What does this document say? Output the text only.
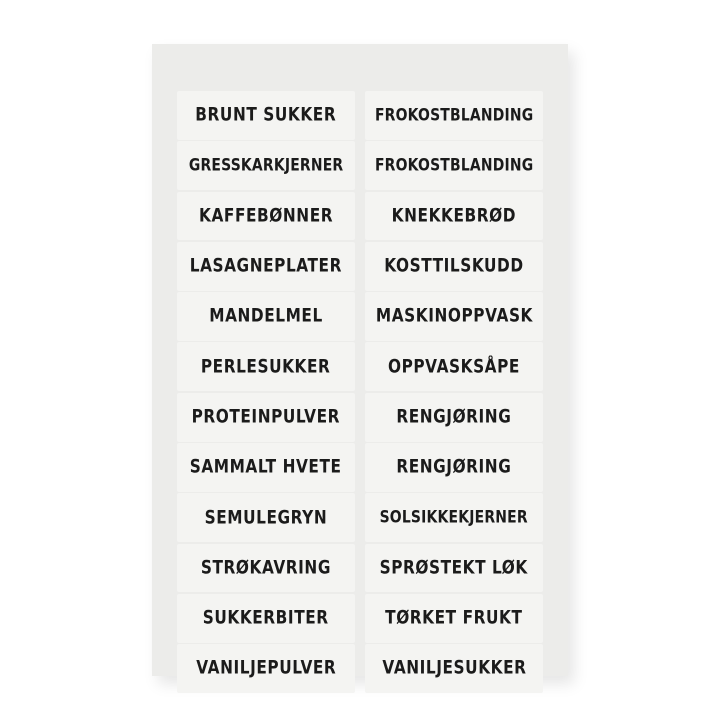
BRUNT SUKKER	FROKOSTBLANDING
GRESSKARKJERNER FROKOSTBLANDING
KAFFEBØNNER	KNEKKEBRØD
LASAGNEPLATER	KOSTTILSKUDD
MANDELMEL	MASKINOPPVASK
PERLESUKKER	OPPVASKSÅPE
PROTEINPULVER	RENGJØRING
SAMMALT HVETE	RENGJØRING
SEMULEGRYN	SOLSIKKEKJERNER
STRØKAVRING	SPRØSTEKT LØK
SUKKERBITER	TØRKET FRUKT
VANILJEPULVER	VANILJESUKKER
